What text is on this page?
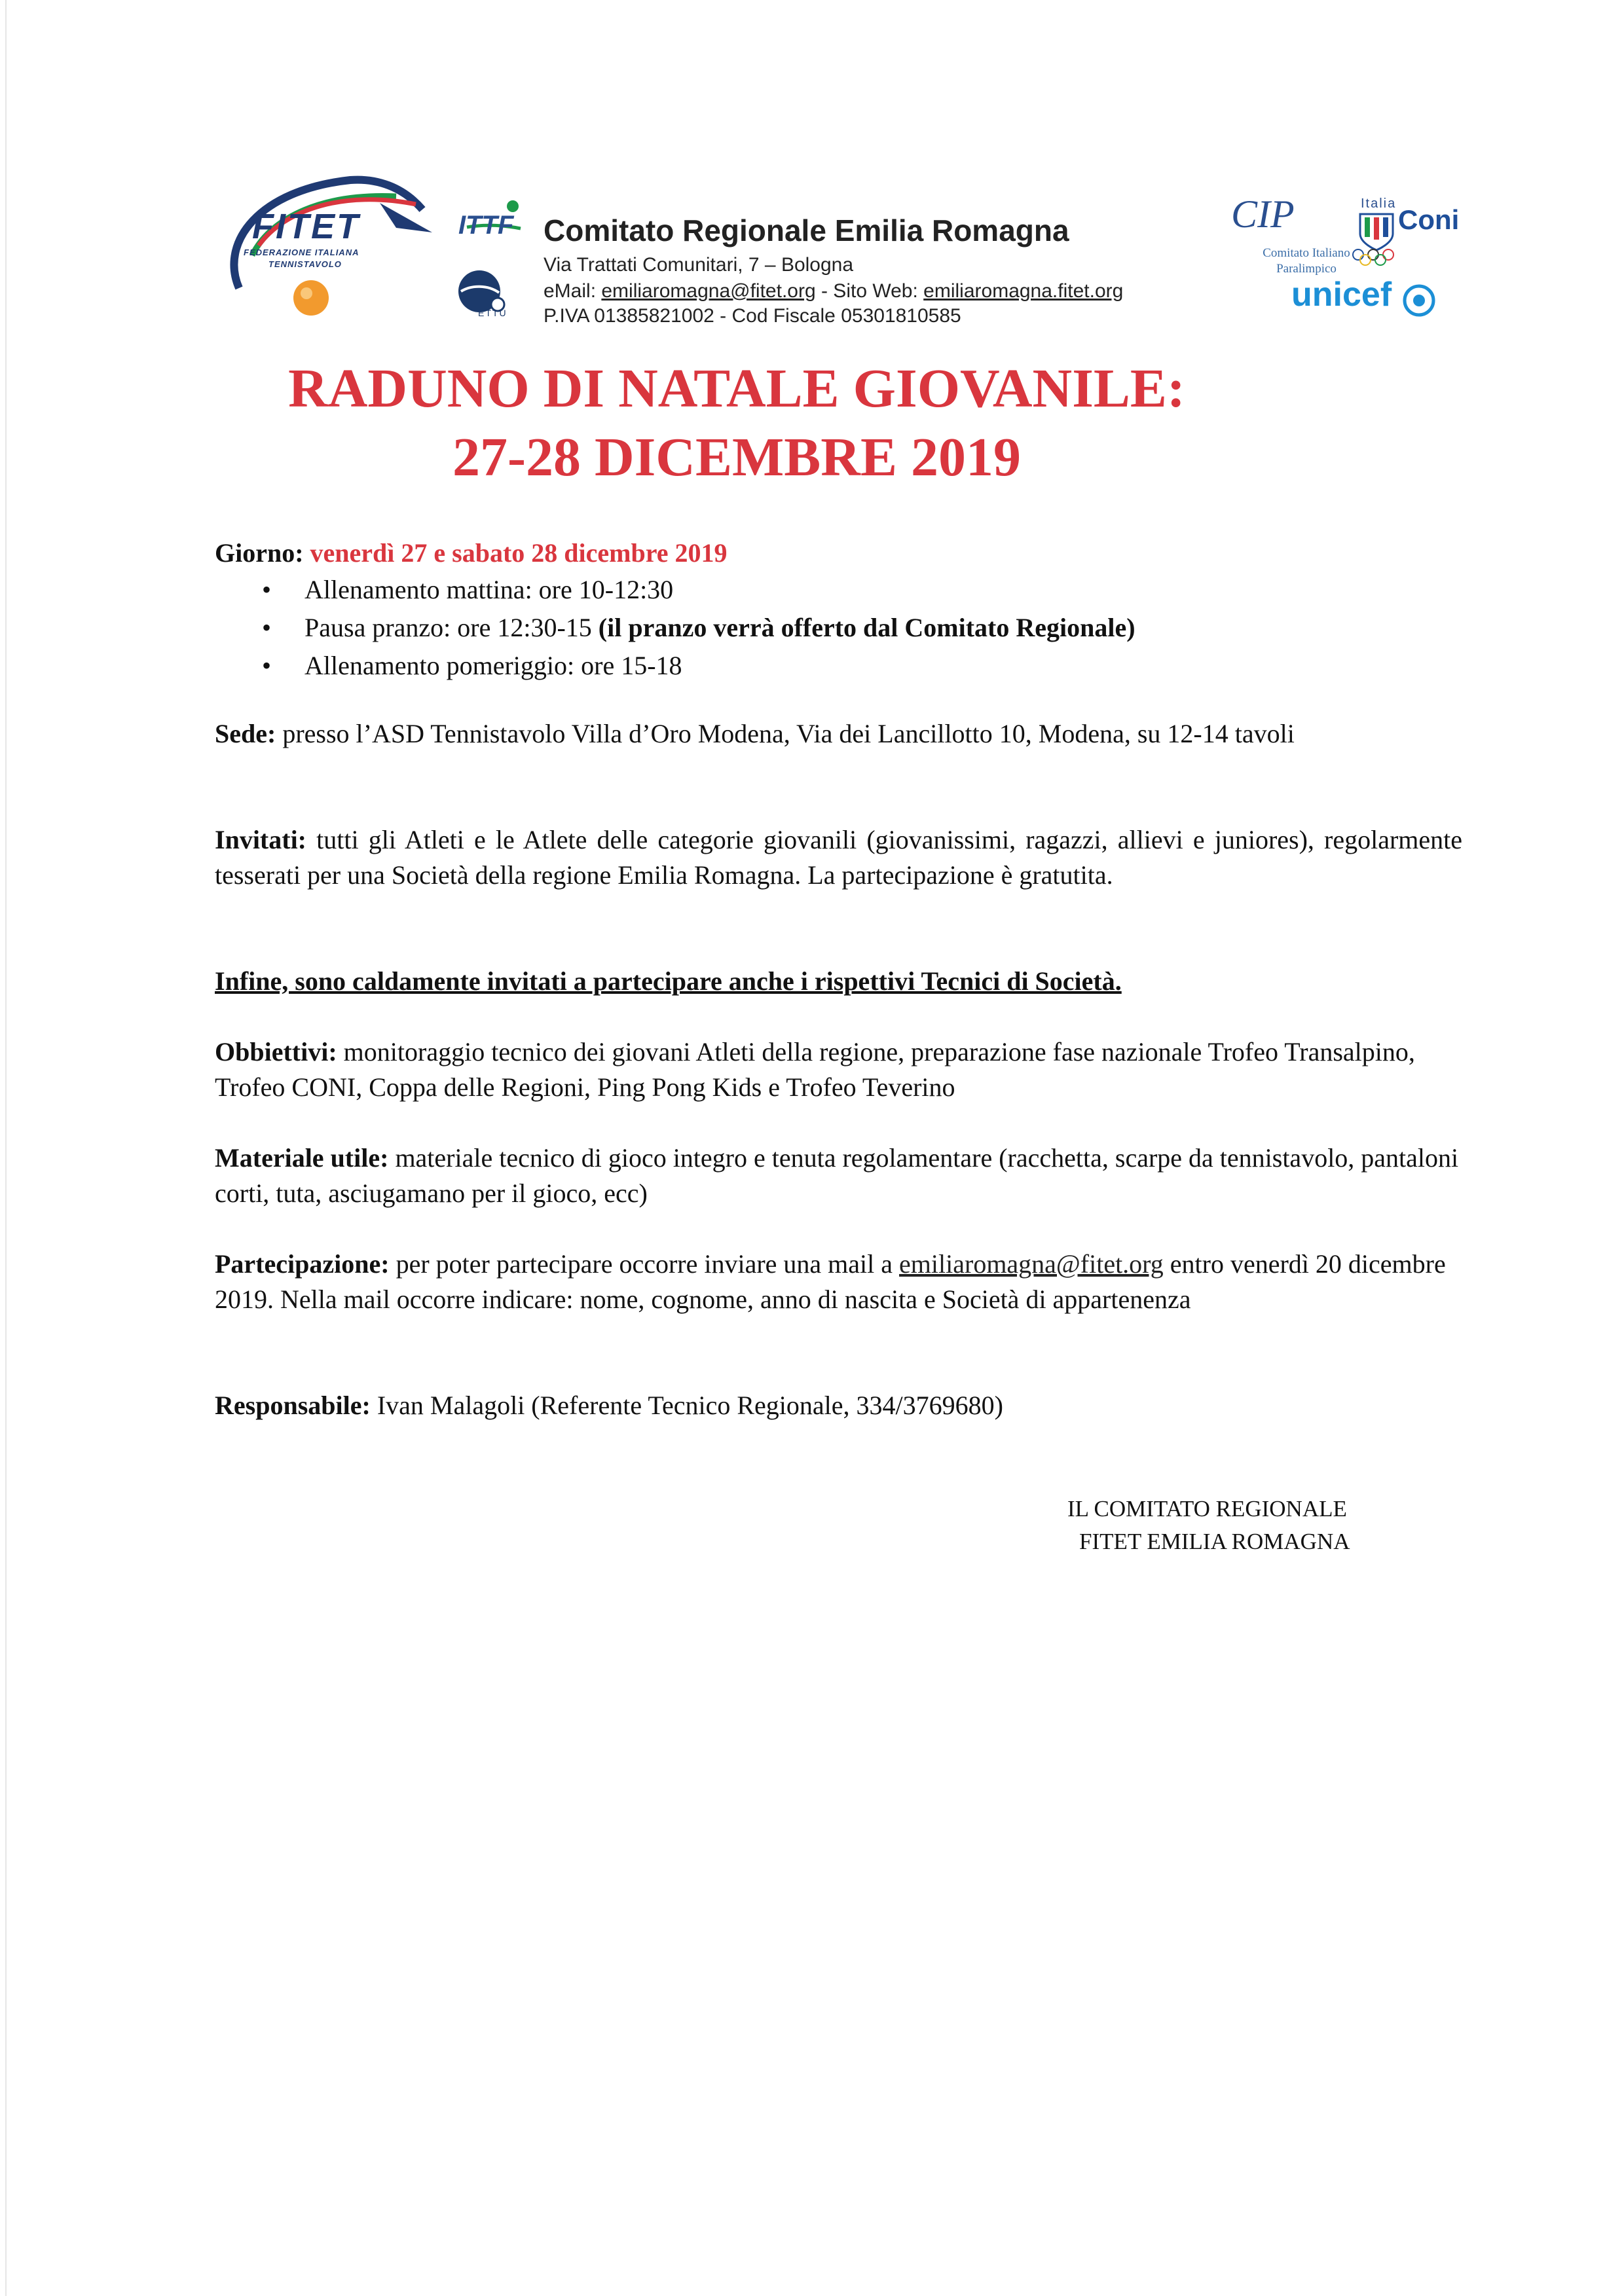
FITET
FEDERAZIONE ITALIANA
TENNISTAVOLO
ITTF
ETTU
CIP
Comitato Italiano
Paralimpico
Italia
Coni
unicef
Comitato Regionale Emilia Romagna
Via Trattati Comunitari, 7 – Bologna
eMail: emiliaromagna@fitet.org - Sito Web: emiliaromagna.fitet.org
P.IVA 01385821002 - Cod Fiscale 05301810585
RADUNO DI NATALE GIOVANILE:
27-28 DICEMBRE 2019
Giorno: venerdì 27 e sabato 28 dicembre 2019
• Allenamento mattina: ore 10-12:30
• Pausa pranzo: ore 12:30-15 (il pranzo verrà offerto dal Comitato Regionale)
• Allenamento pomeriggio: ore 15-18
Sede: presso l’ASD Tennistavolo Villa d’Oro Modena, Via dei Lancillotto 10, Modena, su 12-14 tavoli
Invitati: tutti gli Atleti e le Atlete delle categorie giovanili (giovanissimi, ragazzi, allievi e juniores), regolarmente tesserati per una Società della regione Emilia Romagna. La partecipazione è gratutita.
Infine, sono caldamente invitati a partecipare anche i rispettivi Tecnici di Società.
Obbiettivi: monitoraggio tecnico dei giovani Atleti della regione, preparazione fase nazionale Trofeo Transalpino, Trofeo CONI, Coppa delle Regioni, Ping Pong Kids e Trofeo Teverino
Materiale utile: materiale tecnico di gioco integro e tenuta regolamentare (racchetta, scarpe da tennistavolo, pantaloni corti, tuta, asciugamano per il gioco, ecc)
Partecipazione: per poter partecipare occorre inviare una mail a emiliaromagna@fitet.org entro venerdì 20 dicembre 2019. Nella mail occorre indicare: nome, cognome, anno di nascita e Società di appartenenza
Responsabile: Ivan Malagoli (Referente Tecnico Regionale, 334/3769680)
IL COMITATO REGIONALE
FITET EMILIA ROMAGNA
